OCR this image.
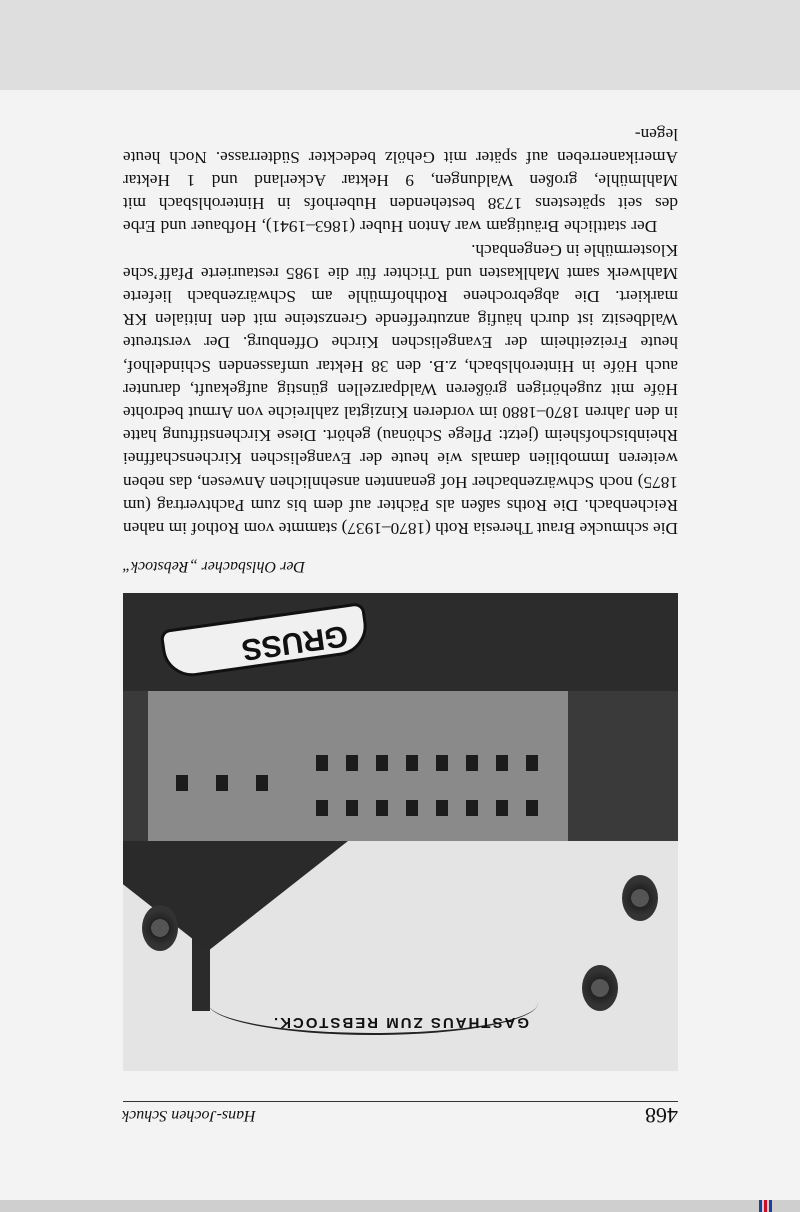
468
Hans-Jochen Schuck
GASTHAUS ZUM REBSTOCK.
GRUSS
Der Ohlsbacher „Rebstock“

Die schmucke Braut Theresia Roth (1870–1937) stammte vom Rothof im nahen Reichenbach. Die Roths saßen als Pächter auf dem bis zum Pachtvertrag (um 1875) noch Schwärzenbacher Hof genannten ansehnlichen Anwesen, das neben weiteren Immobilien damals wie heute der Evangelischen Kirchenschaffnei Rheinbischofsheim (jetzt: Pflege Schönau) gehört. Diese Kirchenstiftung hatte in den Jahren 1870–1880 im vorderen Kinzigtal zahlreiche von Armut bedrohte Höfe mit zugehörigen größeren Waldparzellen günstig aufgekauft, darunter auch Höfe in Hinterohlsbach, z.B. den 38 Hektar umfassenden Schindelhof, heute Freizeitheim der Evangelischen Kirche Offenburg. Der verstreute Waldbesitz ist durch häufig anzutreffende Grenzsteine mit den Initialen KR markiert. Die abgebrochene Rothhofmühle am Schwärzenbach lieferte Mahlwerk samt Mahlkasten und Trichter für die 1985 restaurierte Pfaff’sche Klostermühle in Gengenbach.

Der stattliche Bräutigam war Anton Huber (1863–1941), Hofbauer und Erbe des seit spätestens 1738 bestehenden Huberhofs in Hinterohlsbach mit Mahlmühle, großen Waldungen, 9 Hektar Ackerland und 1 Hektar Amerikanerreben auf später mit Gehölz bedeckter Südterrasse. Noch heute legen-
